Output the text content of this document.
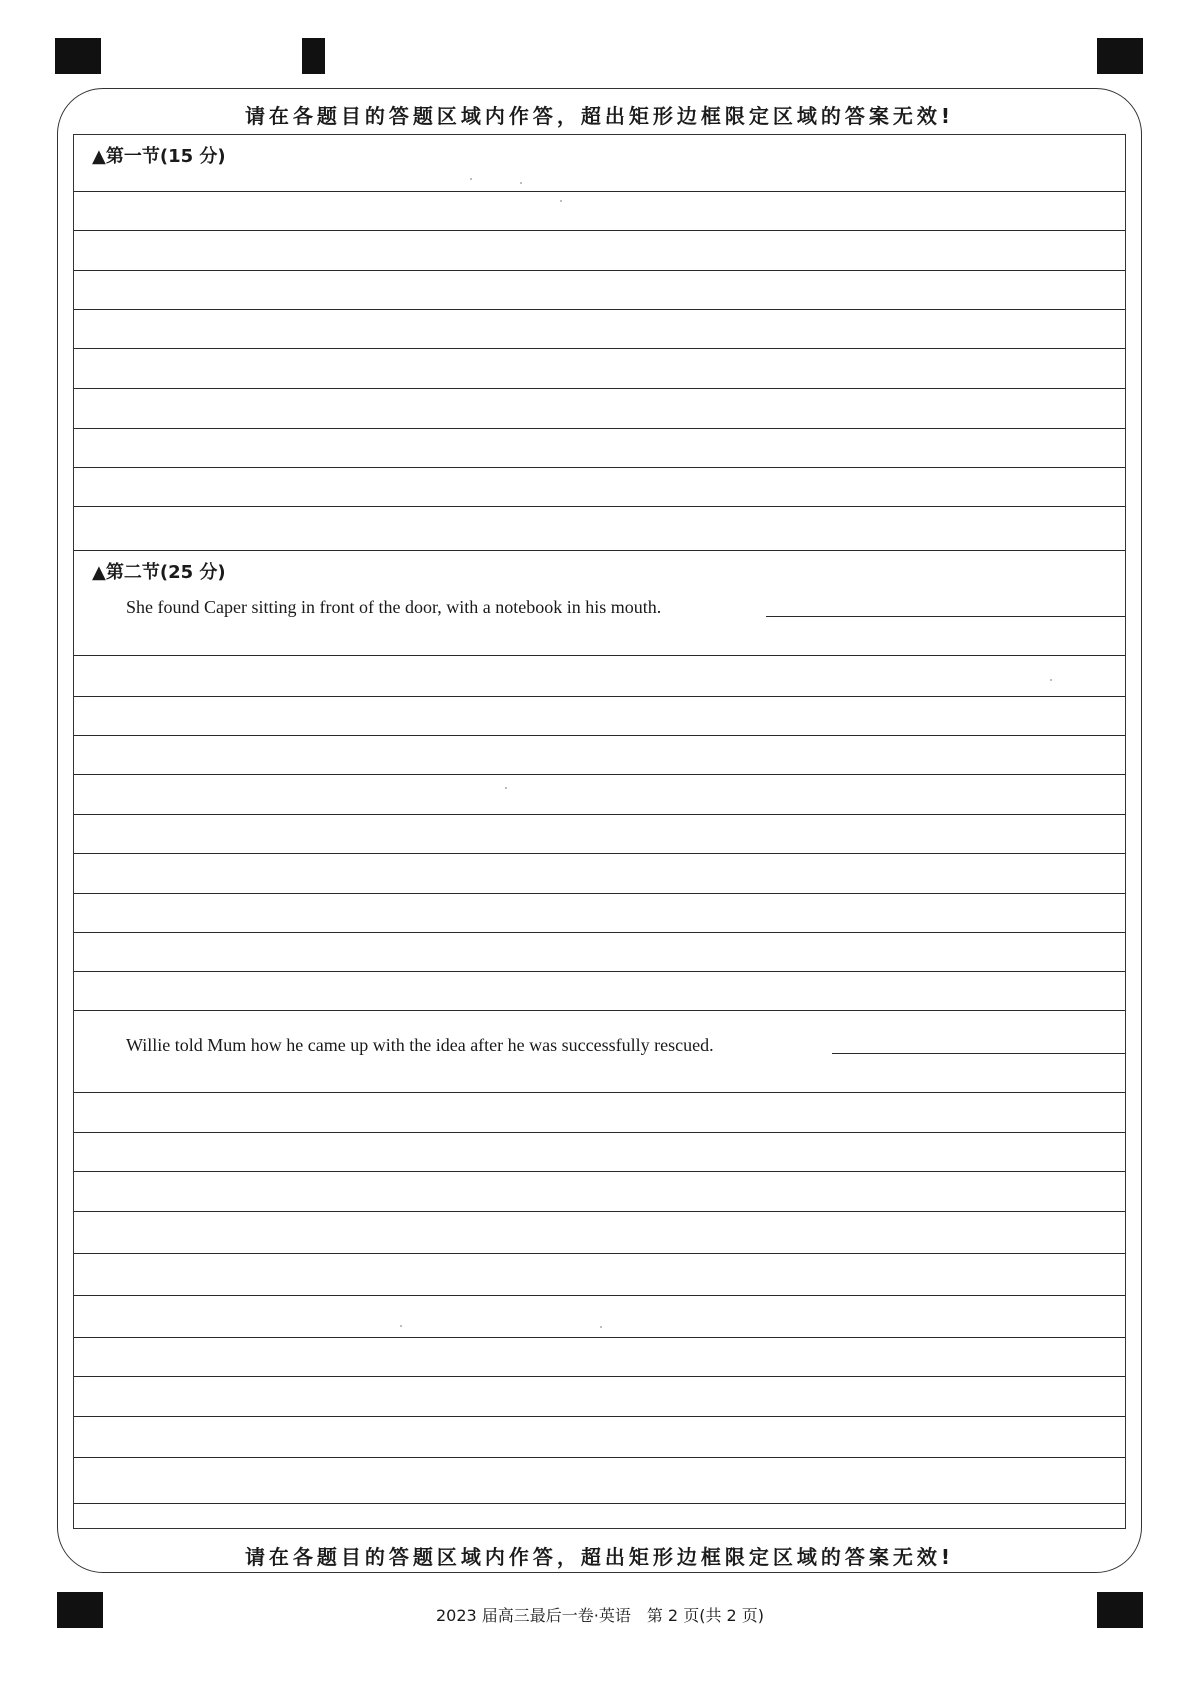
请在各题目的答题区域内作答，超出矩形边框限定区域的答案无效!
请在各题目的答题区域内作答，超出矩形边框限定区域的答案无效!
▲第一节(15 分)
▲第二节(25 分)
She found Caper sitting in front of the door, with a notebook in his mouth.
Willie told Mum how he came up with the idea after he was successfully rescued.
2023 届高三最后一卷·英语　第 2 页(共 2 页)
